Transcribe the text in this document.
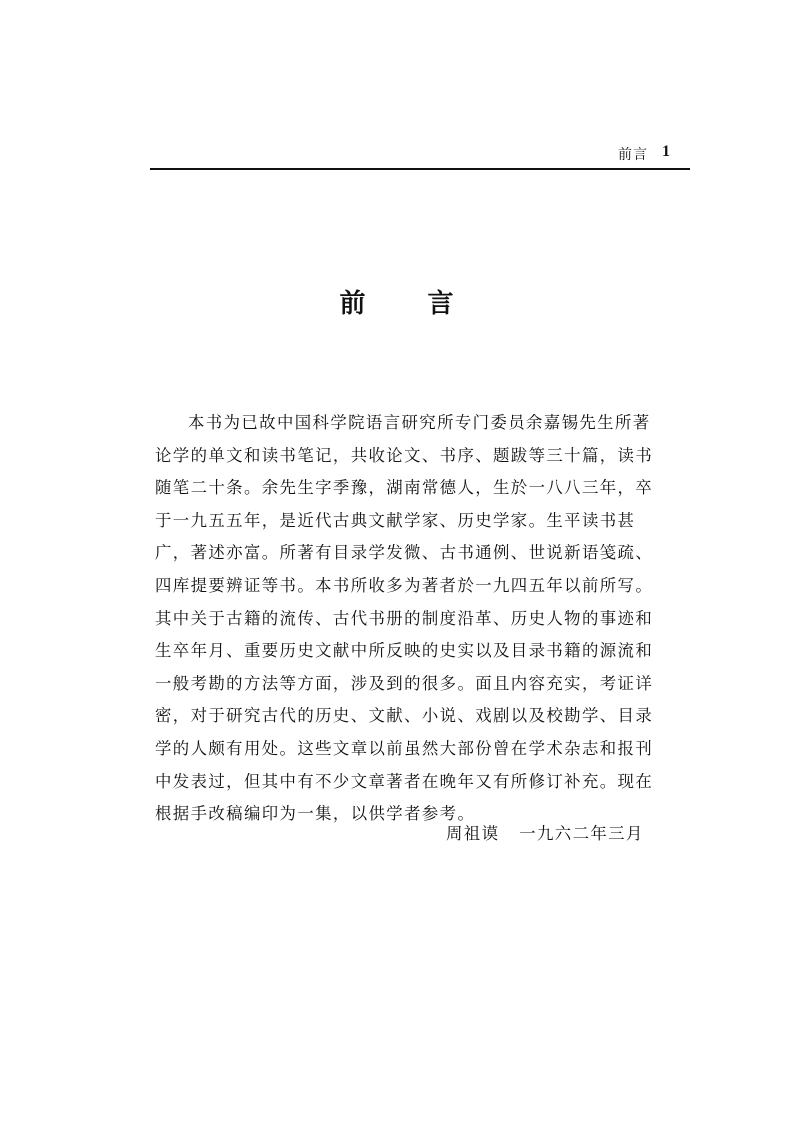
前言 1
前 言
本书为已故中国科学院语言研究所专门委员余嘉锡先生所著
论学的单文和读书笔记，共收论文、书序、题跋等三十篇，读书
随笔二十条。余先生字季豫，湖南常德人，生於一八八三年，卒
于一九五五年，是近代古典文献学家、历史学家。生平读书甚
广，著述亦富。所著有目录学发微、古书通例、世说新语笺疏、
四库提要辨证等书。本书所收多为著者於一九四五年以前所写。
其中关于古籍的流传、古代书册的制度沿革、历史人物的事迹和
生卒年月、重要历史文献中所反映的史实以及目录书籍的源流和
一般考勘的方法等方面，涉及到的很多。面且内容充实，考证详
密，对于研究古代的历史、文献、小说、戏剧以及校勘学、目录
学的人颇有用处。这些文章以前虽然大部份曾在学术杂志和报刊
中发表过，但其中有不少文章著者在晚年又有所修订补充。现在
根据手改稿编印为一集，以供学者参考。
周祖谟 一九六二年三月
